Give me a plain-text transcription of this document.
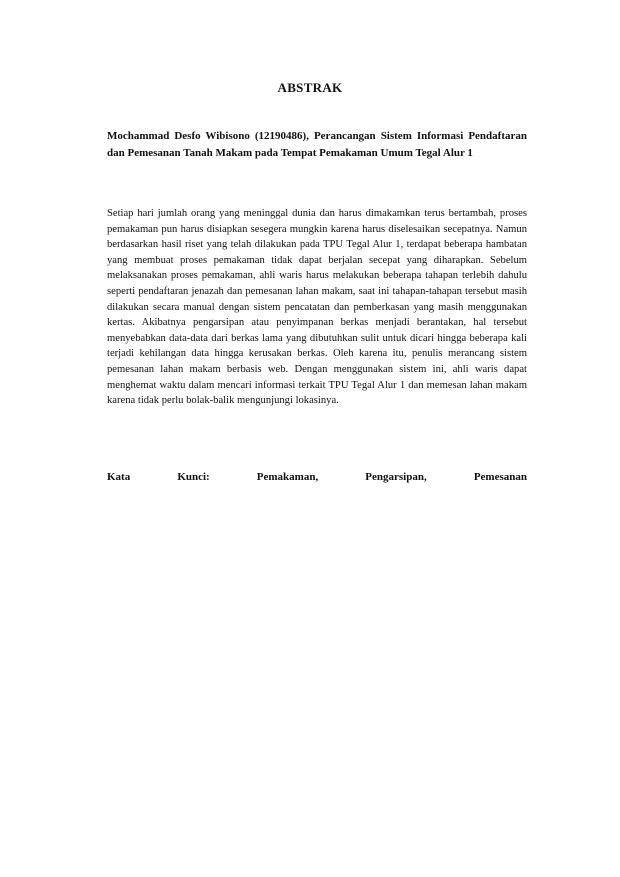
ABSTRAK
Mochammad Desfo Wibisono (12190486), Perancangan Sistem Informasi Pendaftaran dan Pemesanan Tanah Makam pada Tempat Pemakaman Umum Tegal Alur 1
Setiap hari jumlah orang yang meninggal dunia dan harus dimakamkan terus bertambah, proses pemakaman pun harus disiapkan sesegera mungkin karena harus diselesaikan secepatnya. Namun berdasarkan hasil riset yang telah dilakukan pada TPU Tegal Alur 1, terdapat beberapa hambatan yang membuat proses pemakaman tidak dapat berjalan secepat yang diharapkan. Sebelum melaksanakan proses pemakaman, ahli waris harus melakukan beberapa tahapan terlebih dahulu seperti pendaftaran jenazah dan pemesanan lahan makam, saat ini tahapan-tahapan tersebut masih dilakukan secara manual dengan sistem pencatatan dan pemberkasan yang masih menggunakan kertas. Akibatnya pengarsipan atau penyimpanan berkas menjadi berantakan, hal tersebut menyebabkan data-data dari berkas lama yang dibutuhkan sulit untuk dicari hingga beberapa kali terjadi kehilangan data hingga kerusakan berkas. Oleh karena itu, penulis merancang sistem pemesanan lahan makam berbasis web. Dengan menggunakan sistem ini, ahli waris dapat menghemat waktu dalam mencari informasi terkait TPU Tegal Alur 1 dan memesan lahan makam karena tidak perlu bolak-balik mengunjungi lokasinya.
Kata	Kunci:	Pemakaman,	Pengarsipan,	Pemesanan
